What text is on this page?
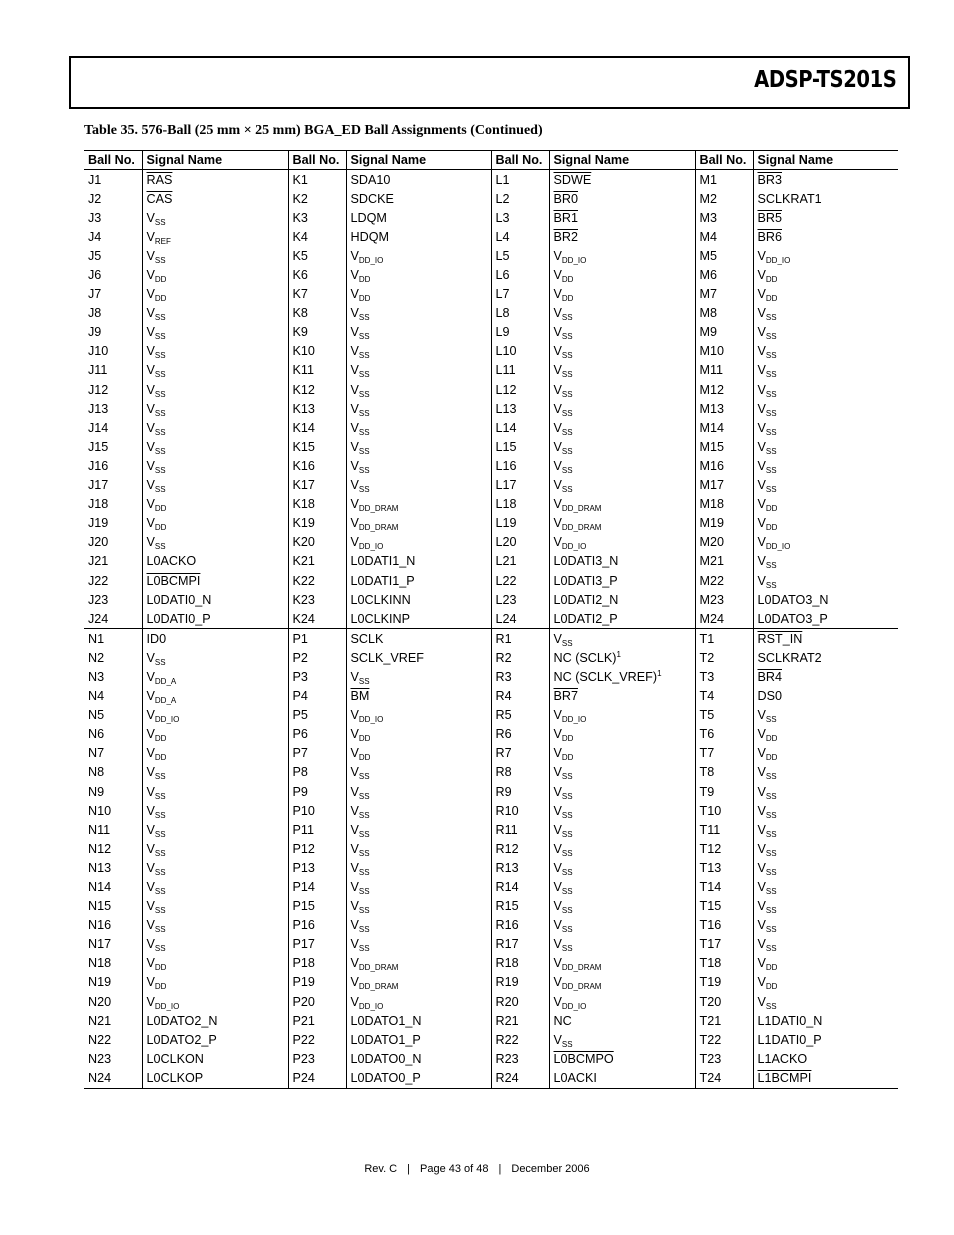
ADSP-TS201S
Table 35. 576-Ball (25 mm × 25 mm) BGA_ED Ball Assignments (Continued)
Ball No.	Signal Name	Ball No.	Signal Name	Ball No.	Signal Name	Ball No.	Signal Name
J1	$\overline{RAS}$	K1	SDA10	L1	SDWE	M1	BR3
J2	$\overline{CAS}$	K2	SDCKE	L2	BR0	M2	SCLKRAT1
J3	$V_{SS}$	K3	LDQM	L3	BR1	M3	BR5
J4	$V_{REF}$	K4	HDQM	L4	BR2	M4	BR6
J5	$V_{SS}$	K5	$V_{DD\_IO}$	L5	$V_{DD\_IO}$	M5	$V_{DD\_IO}$
J6	$V_{DD}$	K6	$V_{DD}$	L6	$V_{DD}$	M6	$V_{DD}$
J7	$V_{DD}$	K7	$V_{DD}$	L7	$V_{DD}$	M7	$V_{DD}$
J8	$V_{SS}$	K8	$V_{SS}$	L8	$V_{SS}$	M8	$V_{SS}$
J9	$V_{SS}$	K9	$V_{SS}$	L9	$V_{SS}$	M9	$V_{SS}$
J10	$V_{SS}$	K10	$V_{SS}$	L10	$V_{SS}$	M10	$V_{SS}$
J11	$V_{SS}$	K11	$V_{SS}$	L11	$V_{SS}$	M11	$V_{SS}$
J12	$V_{SS}$	K12	$V_{SS}$	L12	$V_{SS}$	M12	$V_{SS}$
J13	$V_{SS}$	K13	$V_{SS}$	L13	$V_{SS}$	M13	$V_{SS}$
J14	$V_{SS}$	K14	$V_{SS}$	L14	$V_{SS}$	M14	$V_{SS}$
J15	$V_{SS}$	K15	$V_{SS}$	L15	$V_{SS}$	M15	$V_{SS}$
J16	$V_{SS}$	K16	$V_{SS}$	L16	$V_{SS}$	M16	$V_{SS}$
J17	$V_{SS}$	K17	$V_{SS}$	L17	$V_{SS}$	M17	$V_{SS}$
J18	$V_{DD}$	K18	$V_{DD\_DRAM}$	L18	$V_{DD\_DRAM}$	M18	$V_{DD}$
J19	$V_{DD}$	K19	$V_{DD\_DRAM}$	L19	$V_{DD\_DRAM}$	M19	$V_{DD}$
J20	$V_{SS}$	K20	$V_{DD\_IO}$	L20	$V_{DD\_IO}$	M20	$V_{DD\_IO}$
J21	L0ACKO	K21	L0DATI1_N	L21	L0DATI3_N	M21	$V_{SS}$
J22	L0BCMPI	K22	L0DATI1_P	L22	L0DATI3_P	M22	$V_{SS}$
J23	L0DATI0_N	K23	L0CLKINN	L23	L0DATI2_N	M23	L0DATO3_N
J24	L0DATI0_P	K24	L0CLKINP	L24	L0DATI2_P	M24	L0DATO3_P
N1	ID0	P1	SCLK	R1	$V_{SS}$	T1	RST_IN
N2	$V_{SS}$	P2	SCLK_VREF	R2	NC (SCLK)$^1$	T2	SCLKRAT2
N3	$V_{DD\_A}$	P3	$V_{SS}$	R3	NC (SCLK_VREF)$^1$	T3	BR4
N4	$V_{DD\_A}$	P4	$\overline{BM}$	R4	BR7	T4	DS0
N5	$V_{DD\_IO}$	P5	$V_{DD\_IO}$	R5	$V_{DD\_IO}$	T5	$V_{SS}$
N6	$V_{DD}$	P6	$V_{DD}$	R6	$V_{DD}$	T6	$V_{DD}$
N7	$V_{DD}$	P7	$V_{DD}$	R7	$V_{DD}$	T7	$V_{DD}$
N8	$V_{SS}$	P8	$V_{SS}$	R8	$V_{SS}$	T8	$V_{SS}$
N9	$V_{SS}$	P9	$V_{SS}$	R9	$V_{SS}$	T9	$V_{SS}$
N10	$V_{SS}$	P10	$V_{SS}$	R10	$V_{SS}$	T10	$V_{SS}$
N11	$V_{SS}$	P11	$V_{SS}$	R11	$V_{SS}$	T11	$V_{SS}$
N12	$V_{SS}$	P12	$V_{SS}$	R12	$V_{SS}$	T12	$V_{SS}$
N13	$V_{SS}$	P13	$V_{SS}$	R13	$V_{SS}$	T13	$V_{SS}$
N14	$V_{SS}$	P14	$V_{SS}$	R14	$V_{SS}$	T14	$V_{SS}$
N15	$V_{SS}$	P15	$V_{SS}$	R15	$V_{SS}$	T15	$V_{SS}$
N16	$V_{SS}$	P16	$V_{SS}$	R16	$V_{SS}$	T16	$V_{SS}$
N17	$V_{SS}$	P17	$V_{SS}$	R17	$V_{SS}$	T17	$V_{SS}$
N18	$V_{DD}$	P18	$V_{DD\_DRAM}$	R18	$V_{DD\_DRAM}$	T18	$V_{DD}$
N19	$V_{DD}$	P19	$V_{DD\_DRAM}$	R19	$V_{DD\_DRAM}$	T19	$V_{DD}$
N20	$V_{DD\_IO}$	P20	$V_{DD\_IO}$	R20	$V_{DD\_IO}$	T20	$V_{SS}$
N21	L0DATO2_N	P21	L0DATO1_N	R21	NC	T21	L1DATI0_N
N22	L0DATO2_P	P22	L0DATO1_P	R22	$V_{SS}$	T22	L1DATI0_P
N23	L0CLKON	P23	L0DATO0_N	R23	L0BCMPO	T23	L1ACKO
N24	L0CLKOP	P24	L0DATO0_P	R24	L0ACKI	T24	L1BCMPI
Rev. C | Page 43 of 48 | December 2006
